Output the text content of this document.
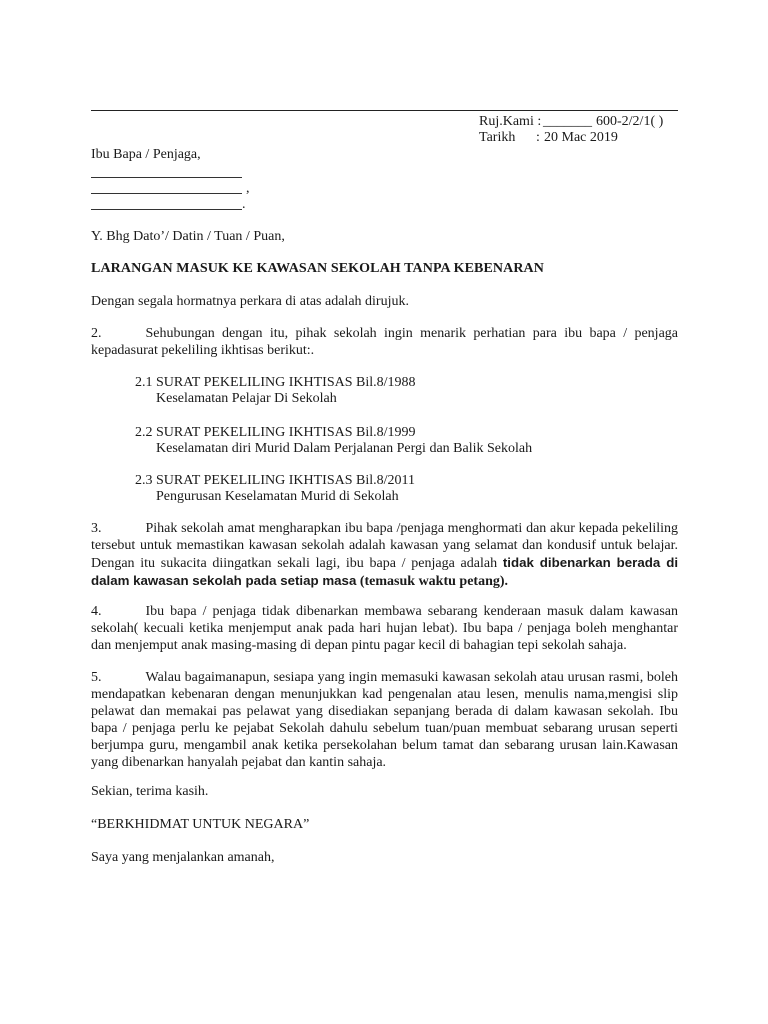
Ruj.Kami : _______ 600-2/2/1( )
Tarikh : 20 Mac 2019
Ibu Bapa / Penjaga,
,
.
Y. Bhg Dato’/ Datin / Tuan / Puan,
LARANGAN MASUK KE KAWASAN SEKOLAH TANPA KEBENARAN
Dengan segala hormatnya perkara di atas adalah dirujuk.
2.	Sehubungan dengan itu, pihak sekolah ingin menarik perhatian para ibu bapa / penjaga kepadasurat pekeliling ikhtisas berikut:.
2.1 SURAT PEKELILING IKHTISAS Bil.8/1988
Keselamatan Pelajar Di Sekolah
2.2 SURAT PEKELILING IKHTISAS Bil.8/1999
Keselamatan diri Murid Dalam Perjalanan Pergi dan Balik Sekolah
2.3 SURAT PEKELILING IKHTISAS Bil.8/2011
Pengurusan Keselamatan Murid di Sekolah
3.	Pihak sekolah amat mengharapkan ibu bapa /penjaga menghormati dan akur kepada pekeliling tersebut untuk memastikan kawasan sekolah adalah kawasan yang selamat dan kondusif untuk belajar. Dengan itu sukacita diingatkan sekali lagi, ibu bapa / penjaga adalah tidak dibenarkan berada di dalam kawasan sekolah pada setiap masa (temasuk waktu petang).
4.	Ibu bapa / penjaga tidak dibenarkan membawa sebarang kenderaan masuk dalam kawasan sekolah( kecuali ketika menjemput anak pada hari hujan lebat). Ibu bapa / penjaga boleh menghantar dan menjemput anak masing-masing di depan pintu pagar kecil di bahagian tepi sekolah sahaja.
5.	Walau bagaimanapun, sesiapa yang ingin memasuki kawasan sekolah atau urusan rasmi, boleh mendapatkan kebenaran dengan menunjukkan kad pengenalan atau lesen, menulis nama,mengisi slip pelawat dan memakai pas pelawat yang disediakan sepanjang berada di dalam kawasan sekolah. Ibu bapa / penjaga perlu ke pejabat Sekolah dahulu sebelum tuan/puan membuat sebarang urusan seperti berjumpa guru, mengambil anak ketika persekolahan belum tamat dan sebarang urusan lain.Kawasan yang dibenarkan hanyalah pejabat dan kantin sahaja.
Sekian, terima kasih.
“BERKHIDMAT UNTUK NEGARA”
Saya yang menjalankan amanah,
